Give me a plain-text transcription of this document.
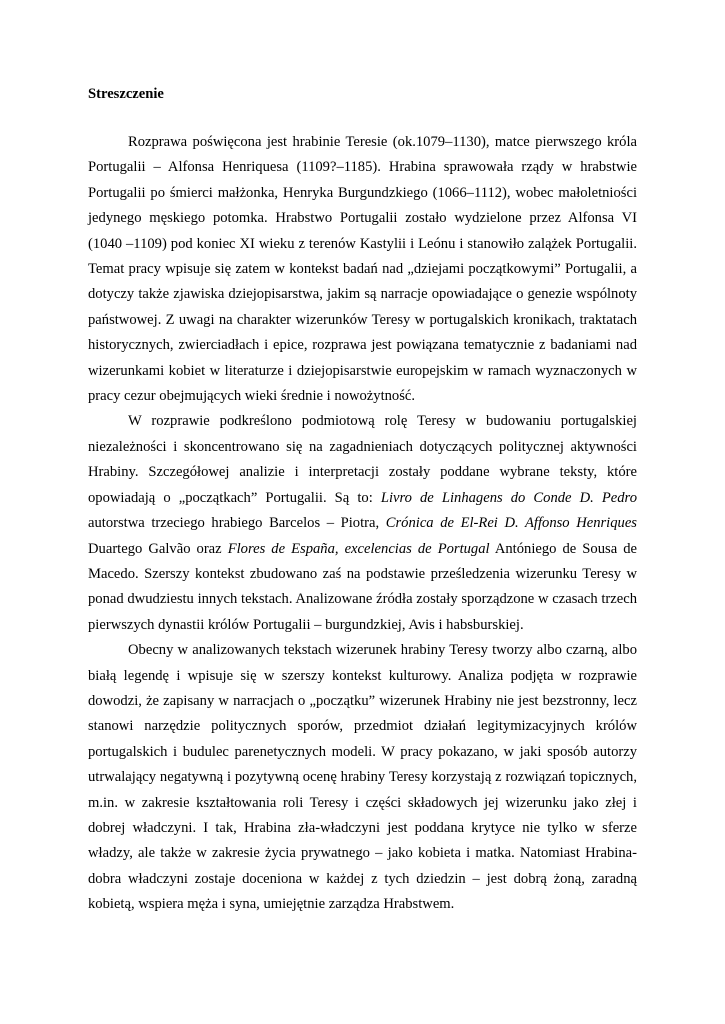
Streszczenie

Rozprawa poświęcona jest hrabinie Teresie (ok.1079–1130), matce pierwszego króla Portugalii – Alfonsa Henriquesa (1109?–1185). Hrabina sprawowała rządy w hrabstwie Portugalii po śmierci małżonka, Henryka Burgundzkiego (1066–1112), wobec małoletniości jedynego męskiego potomka. Hrabstwo Portugalii zostało wydzielone przez Alfonsa VI (1040 –1109) pod koniec XI wieku z terenów Kastylii i Leónu i stanowiło zalążek Portugalii. Temat pracy wpisuje się zatem w kontekst badań nad „dziejami początkowymi” Portugalii, a dotyczy także zjawiska dziejopisarstwa, jakim są narracje opowiadające o genezie wspólnoty państwowej. Z uwagi na charakter wizerunków Teresy w portugalskich kronikach, traktatach historycznych, zwierciadłach i epice, rozprawa jest powiązana tematycznie z badaniami nad wizerunkami kobiet w literaturze i dziejopisarstwie europejskim w ramach wyznaczonych w pracy cezur obejmujących wieki średnie i nowożytność.

W rozprawie podkreślono podmiotową rolę Teresy w budowaniu portugalskiej niezależności i skoncentrowano się na zagadnieniach dotyczących politycznej aktywności Hrabiny. Szczegółowej analizie i interpretacji zostały poddane wybrane teksty, które opowiadają o „początkach” Portugalii. Są to: Livro de Linhagens do Conde D. Pedro autorstwa trzeciego hrabiego Barcelos – Piotra, Crónica de El-Rei D. Affonso Henriques Duartego Galvão oraz Flores de España, excelencias de Portugal Antóniego de Sousa de Macedo. Szerszy kontekst zbudowano zaś na podstawie prześledzenia wizerunku Teresy w ponad dwudziestu innych tekstach. Analizowane źródła zostały sporządzone w czasach trzech pierwszych dynastii królów Portugalii – burgundzkiej, Avis i habsburskiej.

Obecny w analizowanych tekstach wizerunek hrabiny Teresy tworzy albo czarną, albo białą legendę i wpisuje się w szerszy kontekst kulturowy. Analiza podjęta w rozprawie dowodzi, że zapisany w narracjach o „początku” wizerunek Hrabiny nie jest bezstronny, lecz stanowi narzędzie politycznych sporów, przedmiot działań legitymizacyjnych królów portugalskich i budulec parenetycznych modeli. W pracy pokazano, w jaki sposób autorzy utrwalający negatywną i pozytywną ocenę hrabiny Teresy korzystają z rozwiązań topicznych, m.in. w zakresie kształtowania roli Teresy i części składowych jej wizerunku jako złej i dobrej władczyni. I tak, Hrabina zła-władczyni jest poddana krytyce nie tylko w sferze władzy, ale także w zakresie życia prywatnego – jako kobieta i matka. Natomiast Hrabina-dobra władczyni zostaje doceniona w każdej z tych dziedzin – jest dobrą żoną, zaradną kobietą, wspiera męża i syna, umiejętnie zarządza Hrabstwem.
